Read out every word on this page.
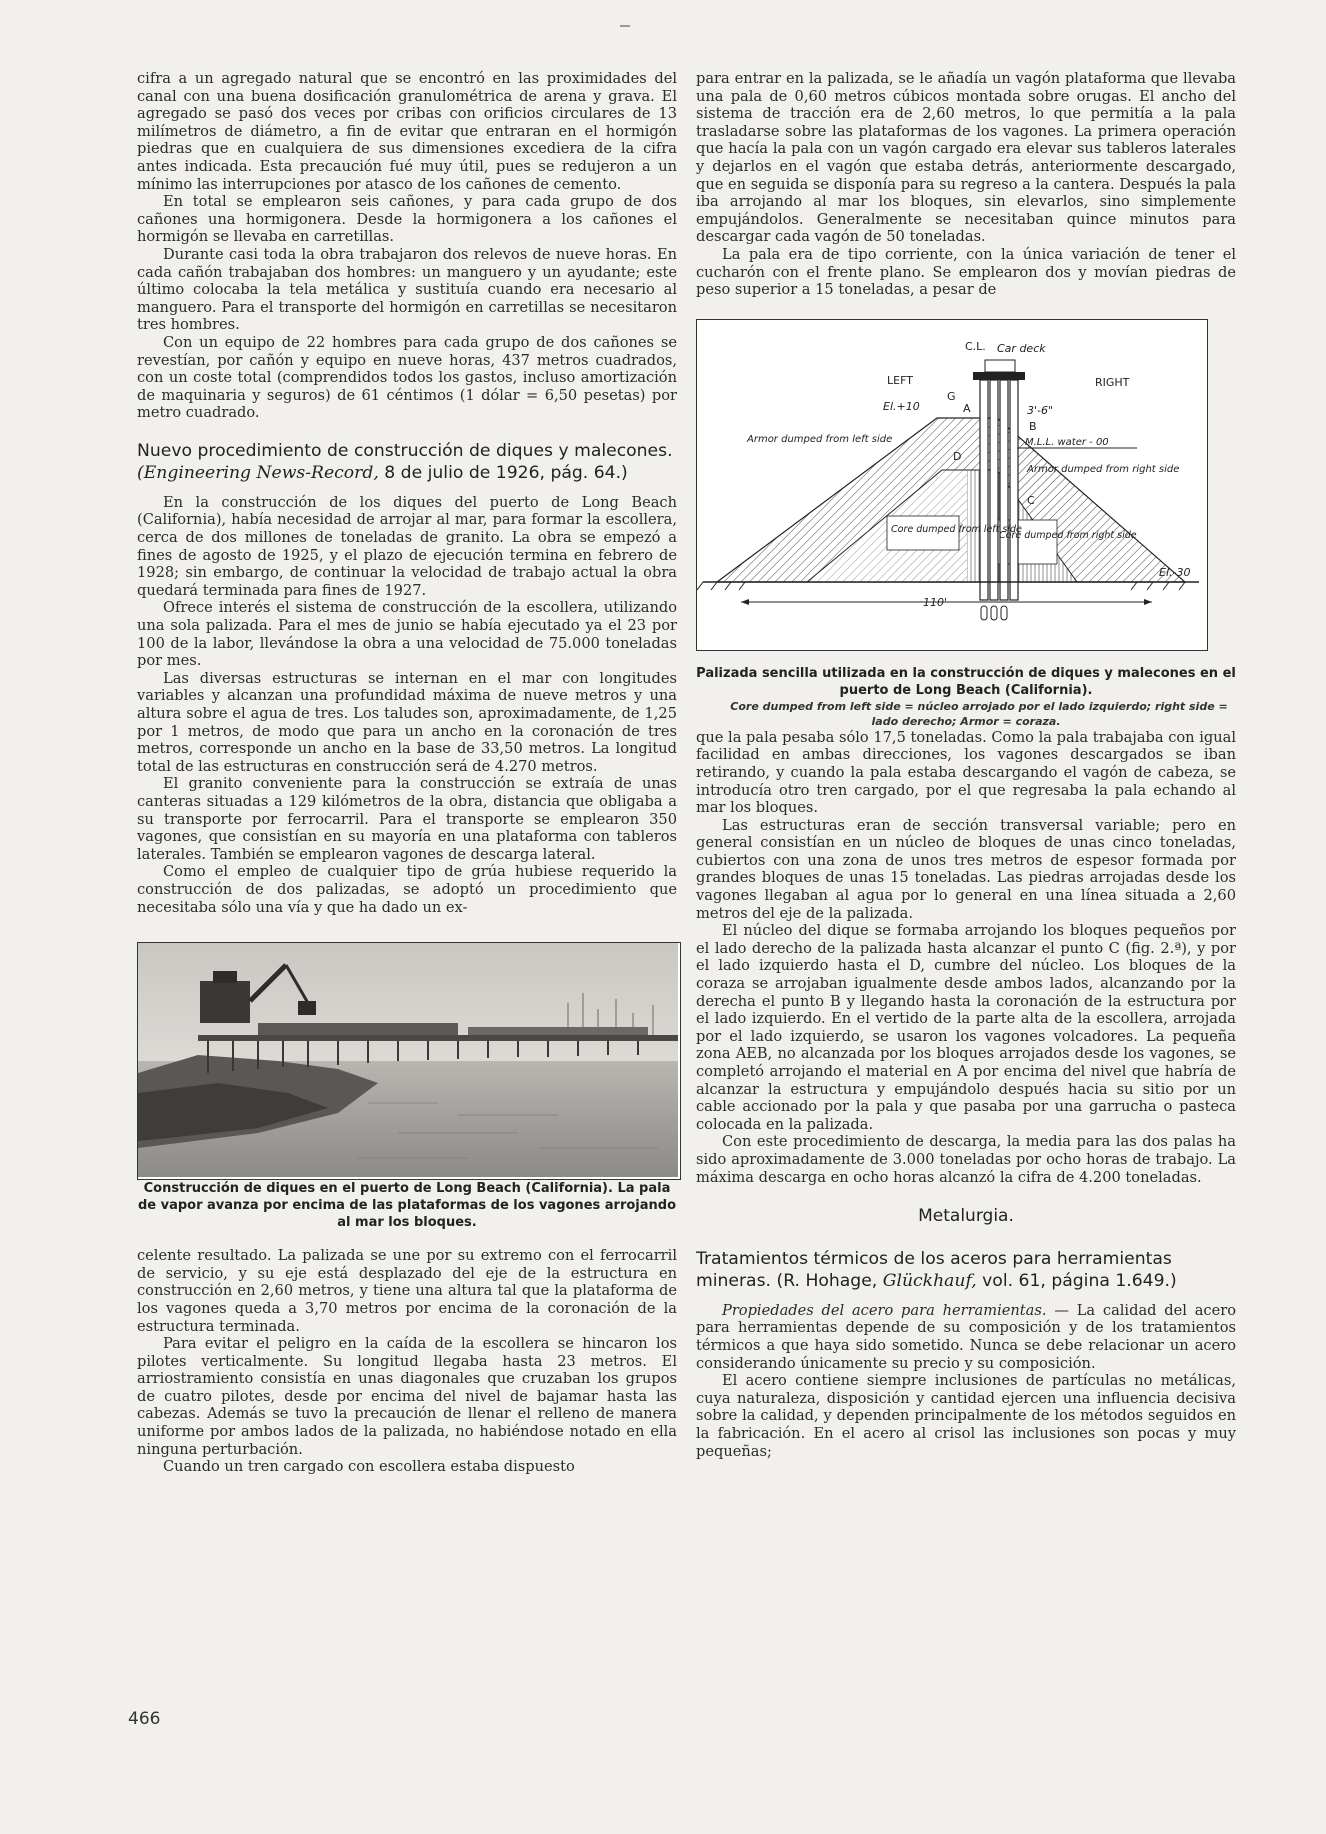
cifra a un agregado natural que se encontró en las proximidades del canal con una buena dosificación granulométrica de arena y grava. El agregado se pasó dos veces por cribas con orificios circulares de 13 milímetros de diámetro, a fin de evitar que entraran en el hormigón piedras que en cualquiera de sus dimensiones excediera de la cifra antes indicada. Esta precaución fué muy útil, pues se redujeron a un mínimo las interrupciones por atasco de los cañones de cemento.

En total se emplearon seis cañones, y para cada grupo de dos cañones una hormigonera. Desde la hormigonera a los cañones el hormigón se llevaba en carretillas.

Durante casi toda la obra trabajaron dos relevos de nueve horas. En cada cañón trabajaban dos hombres: un manguero y un ayudante; este último colocaba la tela metálica y sustituía cuando era necesario al manguero. Para el transporte del hormigón en carretillas se necesitaron tres hombres.

Con un equipo de 22 hombres para cada grupo de dos cañones se revestían, por cañón y equipo en nueve horas, 437 metros cuadrados, con un coste total (comprendidos todos los gastos, incluso amortización de maquinaria y seguros) de 61 céntimos (1 dólar = 6,50 pesetas) por metro cuadrado.

Nuevo procedimiento de construcción de diques y malecones. (Engineering News-Record, 8 de julio de 1926, pág. 64.)

En la construcción de los diques del puerto de Long Beach (California), había necesidad de arrojar al mar, para formar la escollera, cerca de dos millones de toneladas de granito. La obra se empezó a fines de agosto de 1925, y el plazo de ejecución termina en febrero de 1928; sin embargo, de continuar la velocidad de trabajo actual la obra quedará terminada para fines de 1927.

Ofrece interés el sistema de construcción de la escollera, utilizando una sola palizada. Para el mes de junio se había ejecutado ya el 23 por 100 de la labor, llevándose la obra a una velocidad de 75.000 toneladas por mes.

Las diversas estructuras se internan en el mar con longitudes variables y alcanzan una profundidad máxima de nueve metros y una altura sobre el agua de tres. Los taludes son, aproximadamente, de 1,25 por 1 metros, de modo que para un ancho en la coronación de tres metros, corresponde un ancho en la base de 33,50 metros. La longitud total de las estructuras en construcción será de 4.270 metros.

El granito conveniente para la construcción se extraía de unas canteras situadas a 129 kilómetros de la obra, distancia que obligaba a su transporte por ferrocarril. Para el transporte se emplearon 350 vagones, que consistían en su mayoría en una plataforma con tableros laterales. También se emplearon vagones de descarga lateral.

Como el empleo de cualquier tipo de grúa hubiese requerido la construcción de dos palizadas, se adoptó un procedimiento que necesitaba sólo una vía y que ha dado un ex-

Construcción de diques en el puerto de Long Beach (California). La pala de vapor avanza por encima de las plataformas de los vagones arrojando al mar los bloques.

celente resultado. La palizada se une por su extremo con el ferrocarril de servicio, y su eje está desplazado del eje de la estructura en construcción en 2,60 metros, y tiene una altura tal que la plataforma de los vagones queda a 3,70 metros por encima de la coronación de la estructura terminada.

Para evitar el peligro en la caída de la escollera se hincaron los pilotes verticalmente. Su longitud llegaba hasta 23 metros. El arriostramiento consistía en unas diagonales que cruzaban los grupos de cuatro pilotes, desde por encima del nivel de bajamar hasta las cabezas. Además se tuvo la precaución de llenar el relleno de manera uniforme por ambos lados de la palizada, no habiéndose notado en ella ninguna perturbación.

Cuando un tren cargado con escollera estaba dispuesto

para entrar en la palizada, se le añadía un vagón plataforma que llevaba una pala de 0,60 metros cúbicos montada sobre orugas. El ancho del sistema de tracción era de 2,60 metros, lo que permitía a la pala trasladarse sobre las plataformas de los vagones. La primera operación que hacía la pala con un vagón cargado era elevar sus tableros laterales y dejarlos en el vagón que estaba detrás, anteriormente descargado, que en seguida se disponía para su regreso a la cantera. Después la pala iba arrojando al mar los bloques, sin elevarlos, sino simplemente empujándolos. Generalmente se necesitaban quince minutos para descargar cada vagón de 50 toneladas.

La pala era de tipo corriente, con la única variación de tener el cucharón con el frente plano. Se emplearon dos y movían piedras de peso superior a 15 toneladas, a pesar de

C.L. Car deck
LEFT	RIGHT
El.+10
G
A	3'-6"
B
M.L.L. water - 00
Armor dumped from left side
Armor dumped from right side
D
C
Core dumped from left side
Core dumped from right side
El.-30
110'

Palizada sencilla utilizada en la construcción de diques y malecones en el puerto de Long Beach (California).

Core dumped from left side = núcleo arrojado por el lado izquierdo; right side = lado derecho; Armor = coraza.

que la pala pesaba sólo 17,5 toneladas. Como la pala trabajaba con igual facilidad en ambas direcciones, los vagones descargados se iban retirando, y cuando la pala estaba descargando el vagón de cabeza, se introducía otro tren cargado, por el que regresaba la pala echando al mar los bloques.

Las estructuras eran de sección transversal variable; pero en general consistían en un núcleo de bloques de unas cinco toneladas, cubiertos con una zona de unos tres metros de espesor formada por grandes bloques de unas 15 toneladas. Las piedras arrojadas desde los vagones llegaban al agua por lo general en una línea situada a 2,60 metros del eje de la palizada.

El núcleo del dique se formaba arrojando los bloques pequeños por el lado derecho de la palizada hasta alcanzar el punto C (fig. 2.ª), y por el lado izquierdo hasta el D, cumbre del núcleo. Los bloques de la coraza se arrojaban igualmente desde ambos lados, alcanzando por la derecha el punto B y llegando hasta la coronación de la estructura por el lado izquierdo. En el vertido de la parte alta de la escollera, arrojada por el lado izquierdo, se usaron los vagones volcadores. La pequeña zona AEB, no alcanzada por los bloques arrojados desde los vagones, se completó arrojando el material en A por encima del nivel que habría de alcanzar la estructura y empujándolo después hacia su sitio por un cable accionado por la pala y que pasaba por una garrucha o pasteca colocada en la palizada.

Con este procedimiento de descarga, la media para las dos palas ha sido aproximadamente de 3.000 toneladas por ocho horas de trabajo. La máxima descarga en ocho horas alcanzó la cifra de 4.200 toneladas.

Metalurgia.
Tratamientos térmicos de los aceros para herramientas mineras. (R. Hohage, Glückhauf, vol. 61, página 1.649.)

Propiedades del acero para herramientas. — La calidad del acero para herramientas depende de su composición y de los tratamientos térmicos a que haya sido sometido. Nunca se debe relacionar un acero considerando únicamente su precio y su composición.

El acero contiene siempre inclusiones de partículas no metálicas, cuya naturaleza, disposición y cantidad ejercen una influencia decisiva sobre la calidad, y dependen principalmente de los métodos seguidos en la fabricación. En el acero al crisol las inclusiones son pocas y muy pequeñas;

466
